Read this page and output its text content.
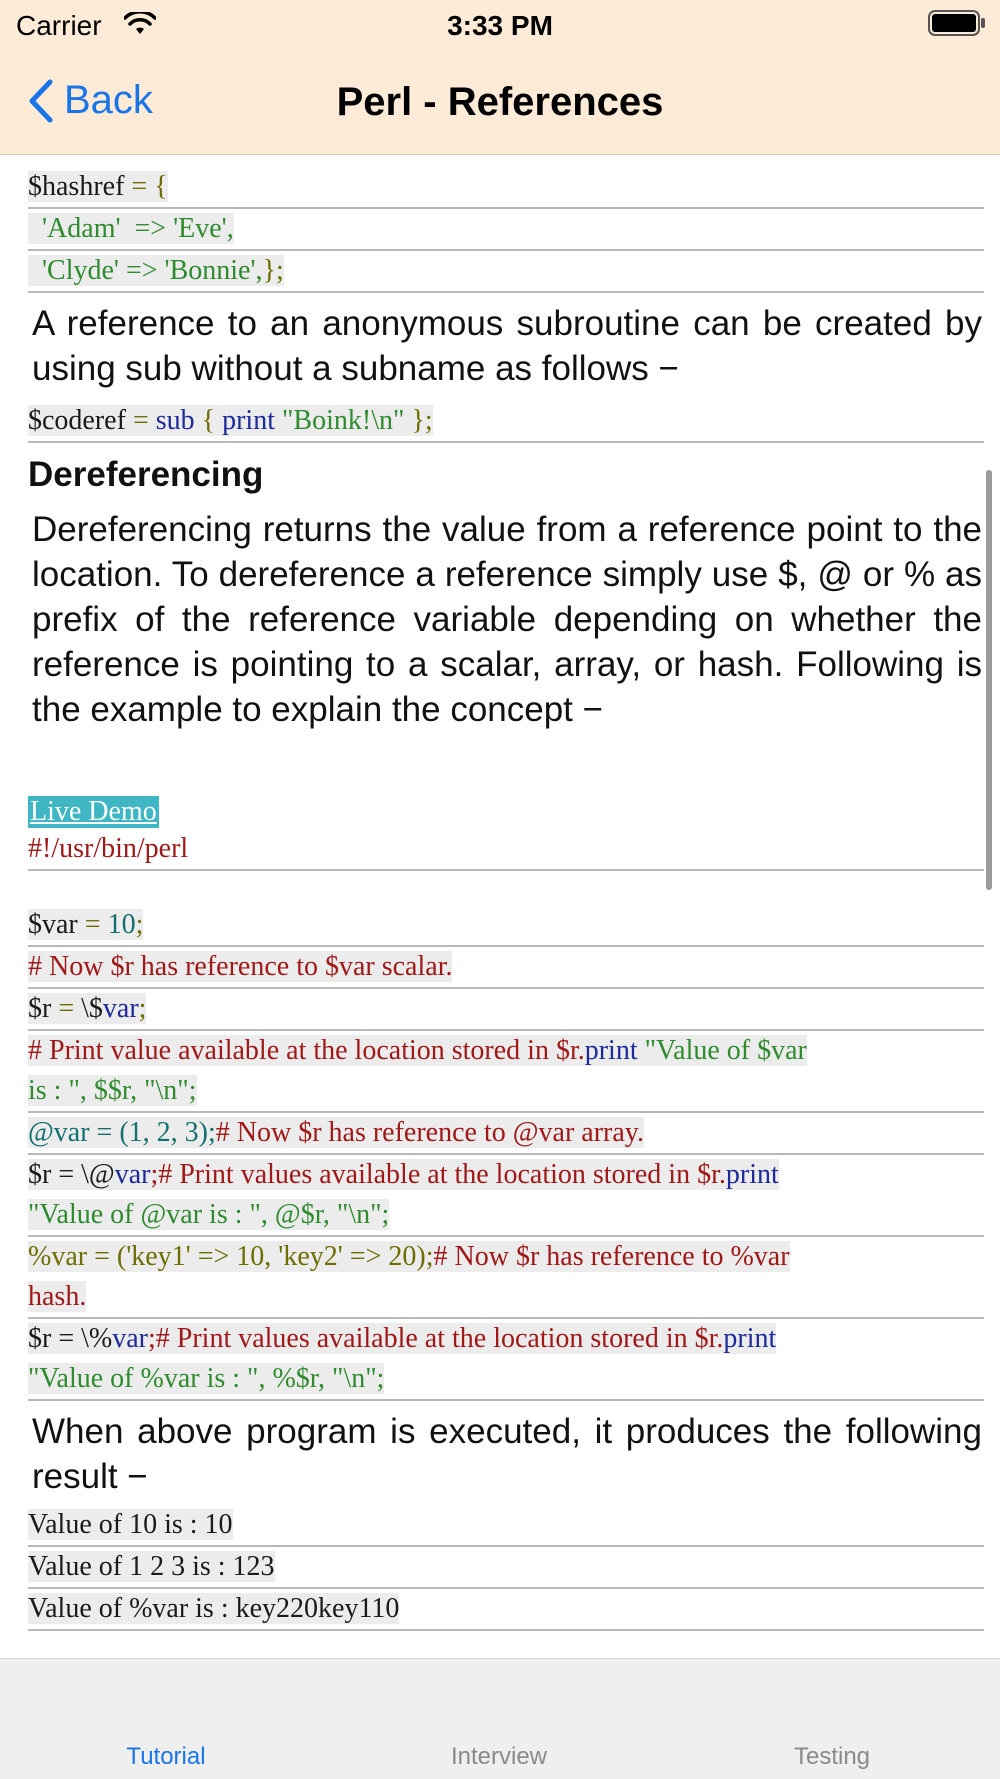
Carrier	3:33 PM
Back	Perl - References
$hashref = {
'Adam'  => 'Eve',
'Clyde' => 'Bonnie',};
A reference to an anonymous subroutine can be created by using sub without a subname as follows −
$coderef = sub { print "Boink!\n" };
Dereferencing
Dereferencing returns the value from a reference point to the location. To dereference a reference simply use $, @ or % as prefix of the reference variable depending on whether the reference is pointing to a scalar, array, or hash. Following is the example to explain the concept −
Live Demo
#!/usr/bin/perl
$var = 10;
# Now $r has reference to $var scalar.
$r = \$var;
# Print value available at the location stored in $r.print "Value of $var
is : ", $$r, "\n";
@var = (1, 2, 3);# Now $r has reference to @var array.
$r = \@var;# Print values available at the location stored in $r.print
"Value of @var is : ", @$r, "\n";
%var = ('key1' => 10, 'key2' => 20);# Now $r has reference to %var
hash.
$r = \%var;# Print values available at the location stored in $r.print
"Value of %var is : ", %$r, "\n";
When above program is executed, it produces the following result −
Value of 10 is : 10
Value of 1 2 3 is : 123
Value of %var is : key220key110
Tutorial	Interview	Testing
